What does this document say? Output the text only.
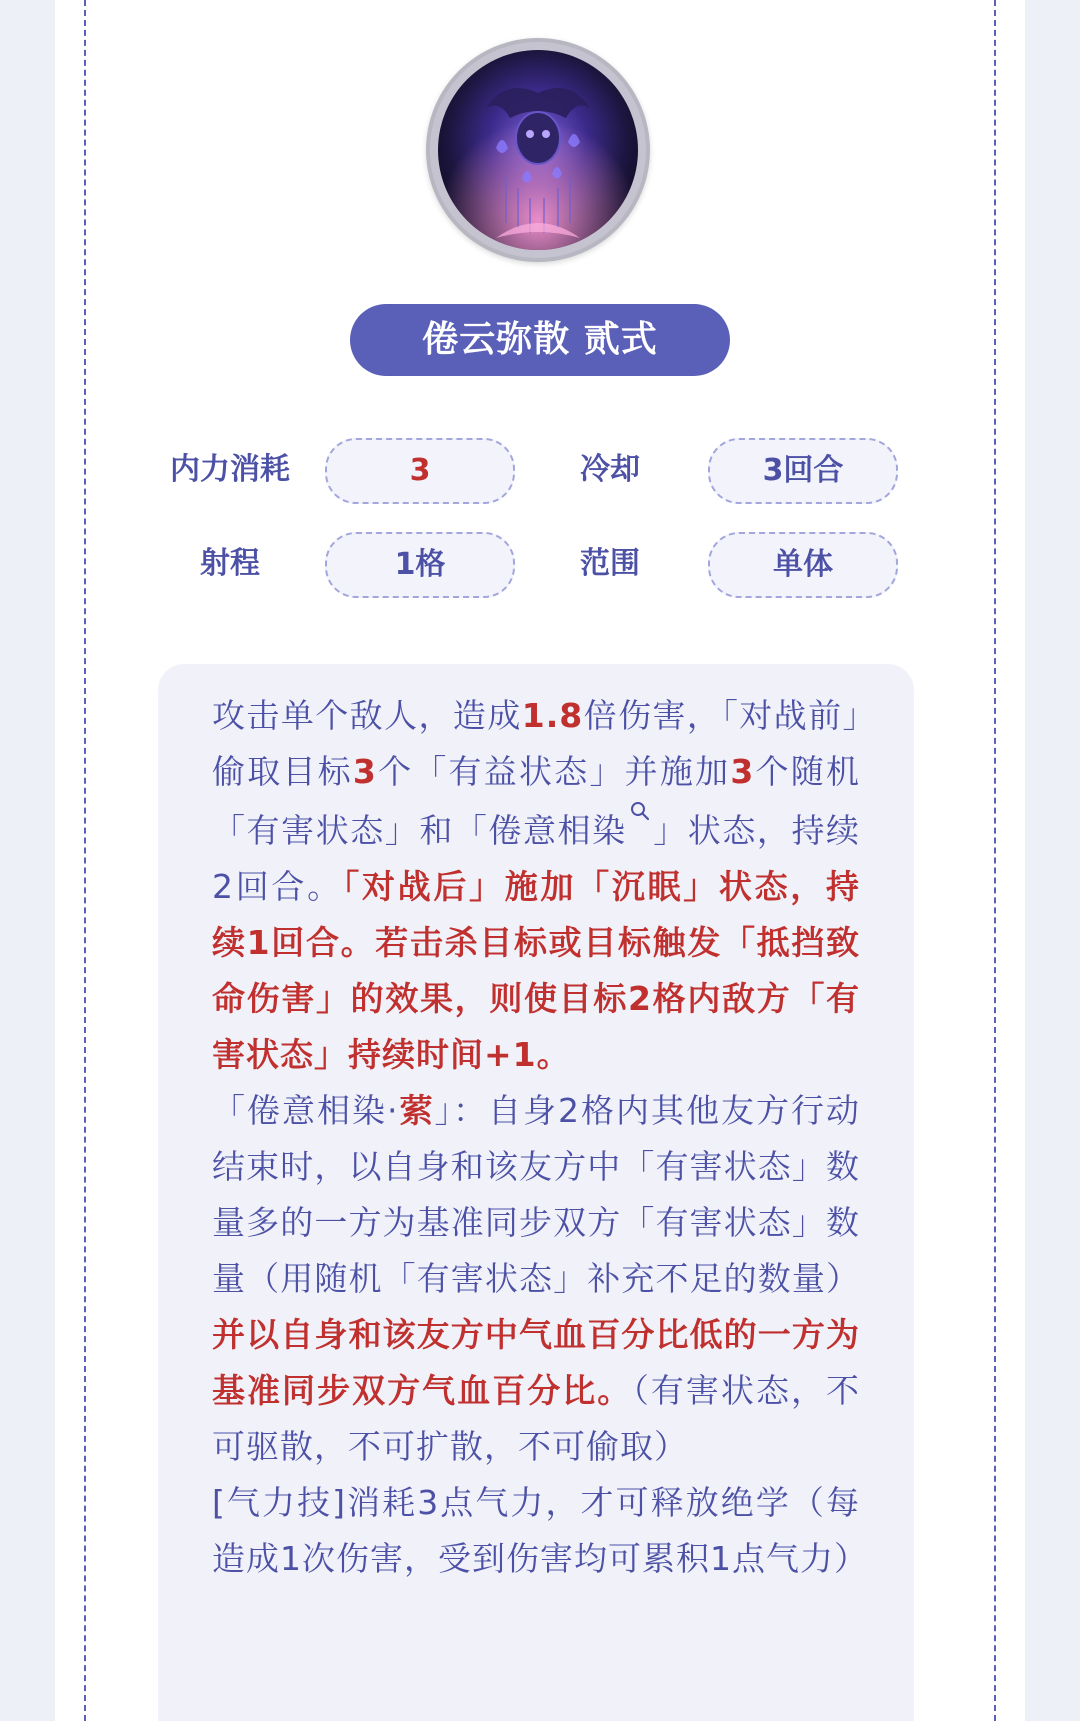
倦云弥散 贰式
内力消耗	3	冷却	3回合
射程	1格	范围	单体

攻击单个敌人，造成1.8倍伤害，「对战前」偷取目标3个「有益状态」并施加3个随机「有害状态」和「倦意相染 」状态，持续2回合。「对战后」施加「沉眠」状态，持续1回合。若击杀目标或目标触发「抵挡致命伤害」的效果，则使目标2格内敌方「有害状态」持续时间+1。

「倦意相染·萦」：自身2格内其他友方行动结束时，以自身和该友方中「有害状态」数量多的一方为基准同步双方「有害状态」数量（用随机「有害状态」补充不足的数量）并以自身和该友方中气血百分比低的一方为基准同步双方气血百分比。（有害状态，不可驱散，不可扩散，不可偷取）

[气力技]消耗3点气力，才可释放绝学（每造成1次伤害，受到伤害均可累积1点气力）
